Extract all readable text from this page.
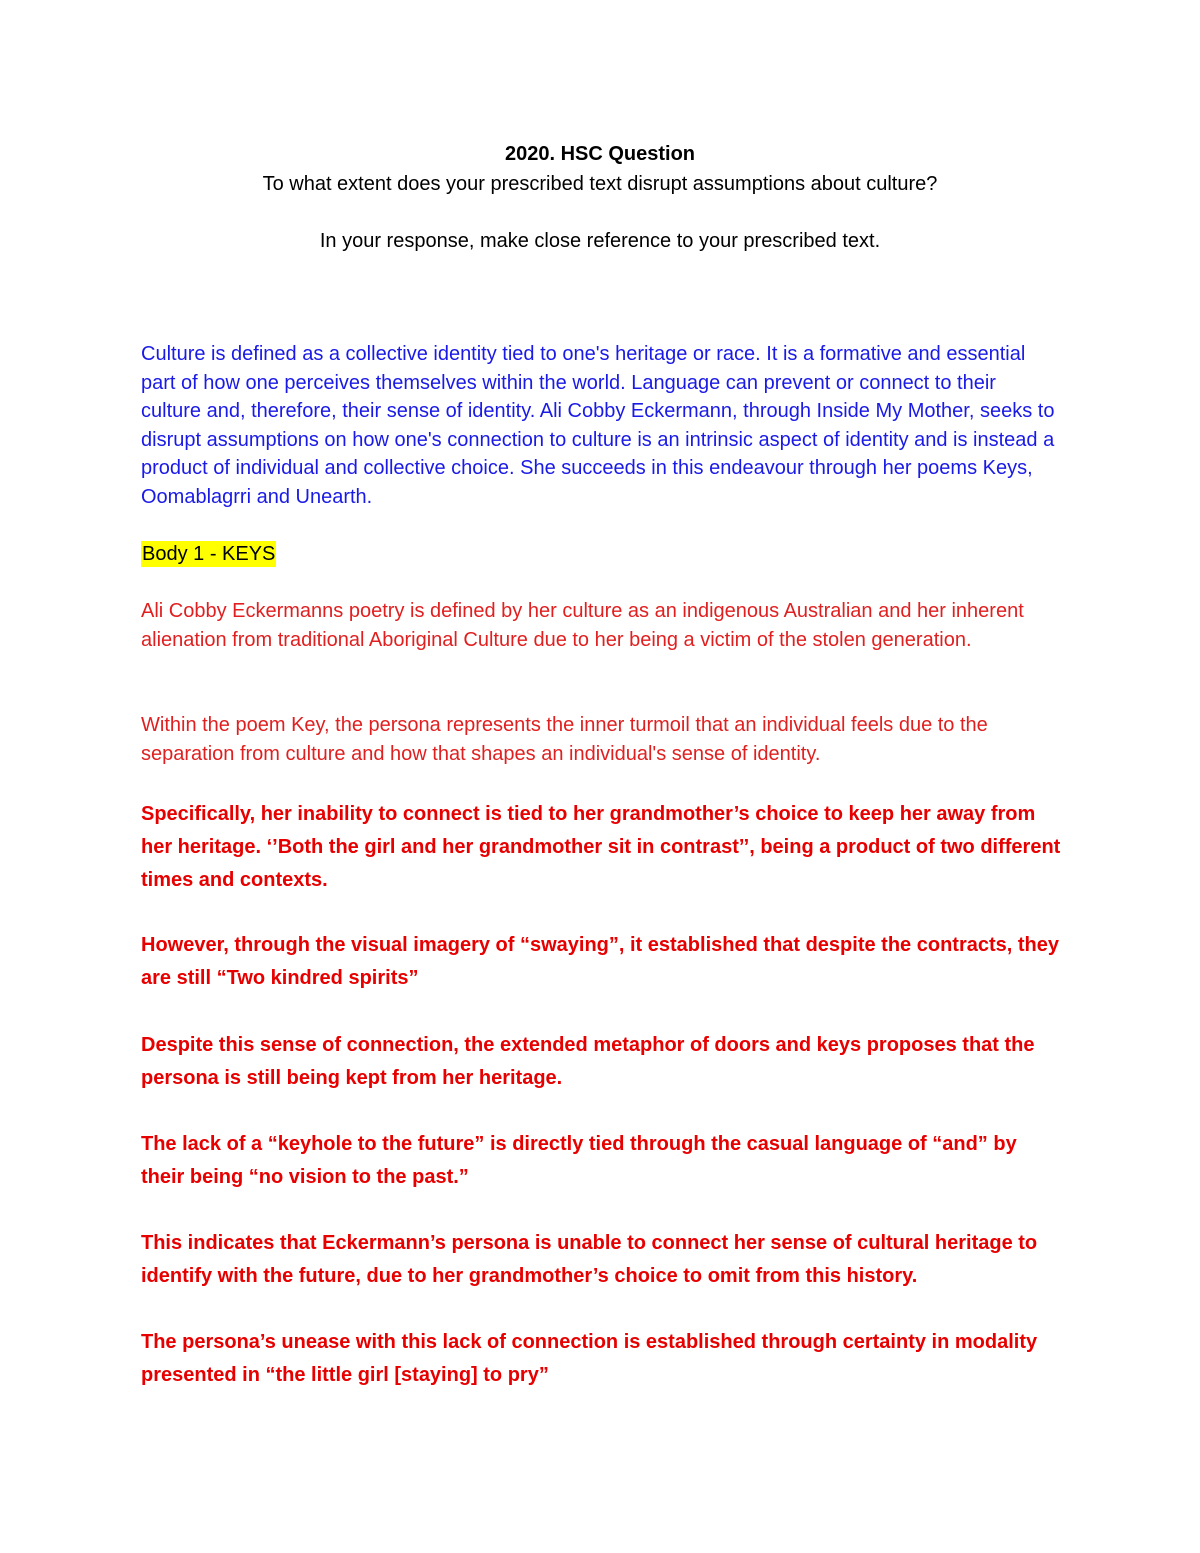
2020. HSC Question
To what extent does your prescribed text disrupt assumptions about culture?
In your response, make close reference to your prescribed text.
Culture is defined as a collective identity tied to one's heritage or race. It is a formative and essential part of how one perceives themselves within the world. Language can prevent or connect to their culture and, therefore, their sense of identity. Ali Cobby Eckermann, through Inside My Mother, seeks to disrupt assumptions on how one's connection to culture is an intrinsic aspect of identity and is instead a product of individual and collective choice. She succeeds in this endeavour through her poems Keys, Oomablagrri and Unearth.
Body 1 - KEYS
Ali Cobby Eckermanns poetry is defined by her culture as an indigenous Australian and her inherent alienation from traditional Aboriginal Culture due to her being a victim of the stolen generation.
Within the poem Key, the persona represents the inner turmoil that an individual feels due to the separation from culture and how that shapes an individual's sense of identity.
Specifically, her inability to connect is tied to her grandmother’s choice to keep her away from her heritage. ‘’Both the girl and her grandmother sit in contrast’’, being a product of two different times and contexts.
However, through the visual imagery of “swaying”, it established that despite the contracts, they are still “Two kindred spirits”
Despite this sense of connection, the extended metaphor of doors and keys proposes that the persona is still being kept from her heritage.
The lack of a “keyhole to the future” is directly tied through the casual language of “and” by their being “no vision to the past.”
This indicates that Eckermann’s persona is unable to connect her sense of cultural heritage to identify with the future, due to her grandmother’s choice to omit from this history.
The persona’s unease with this lack of connection is established through certainty in modality presented in “the little girl [staying] to pry”
